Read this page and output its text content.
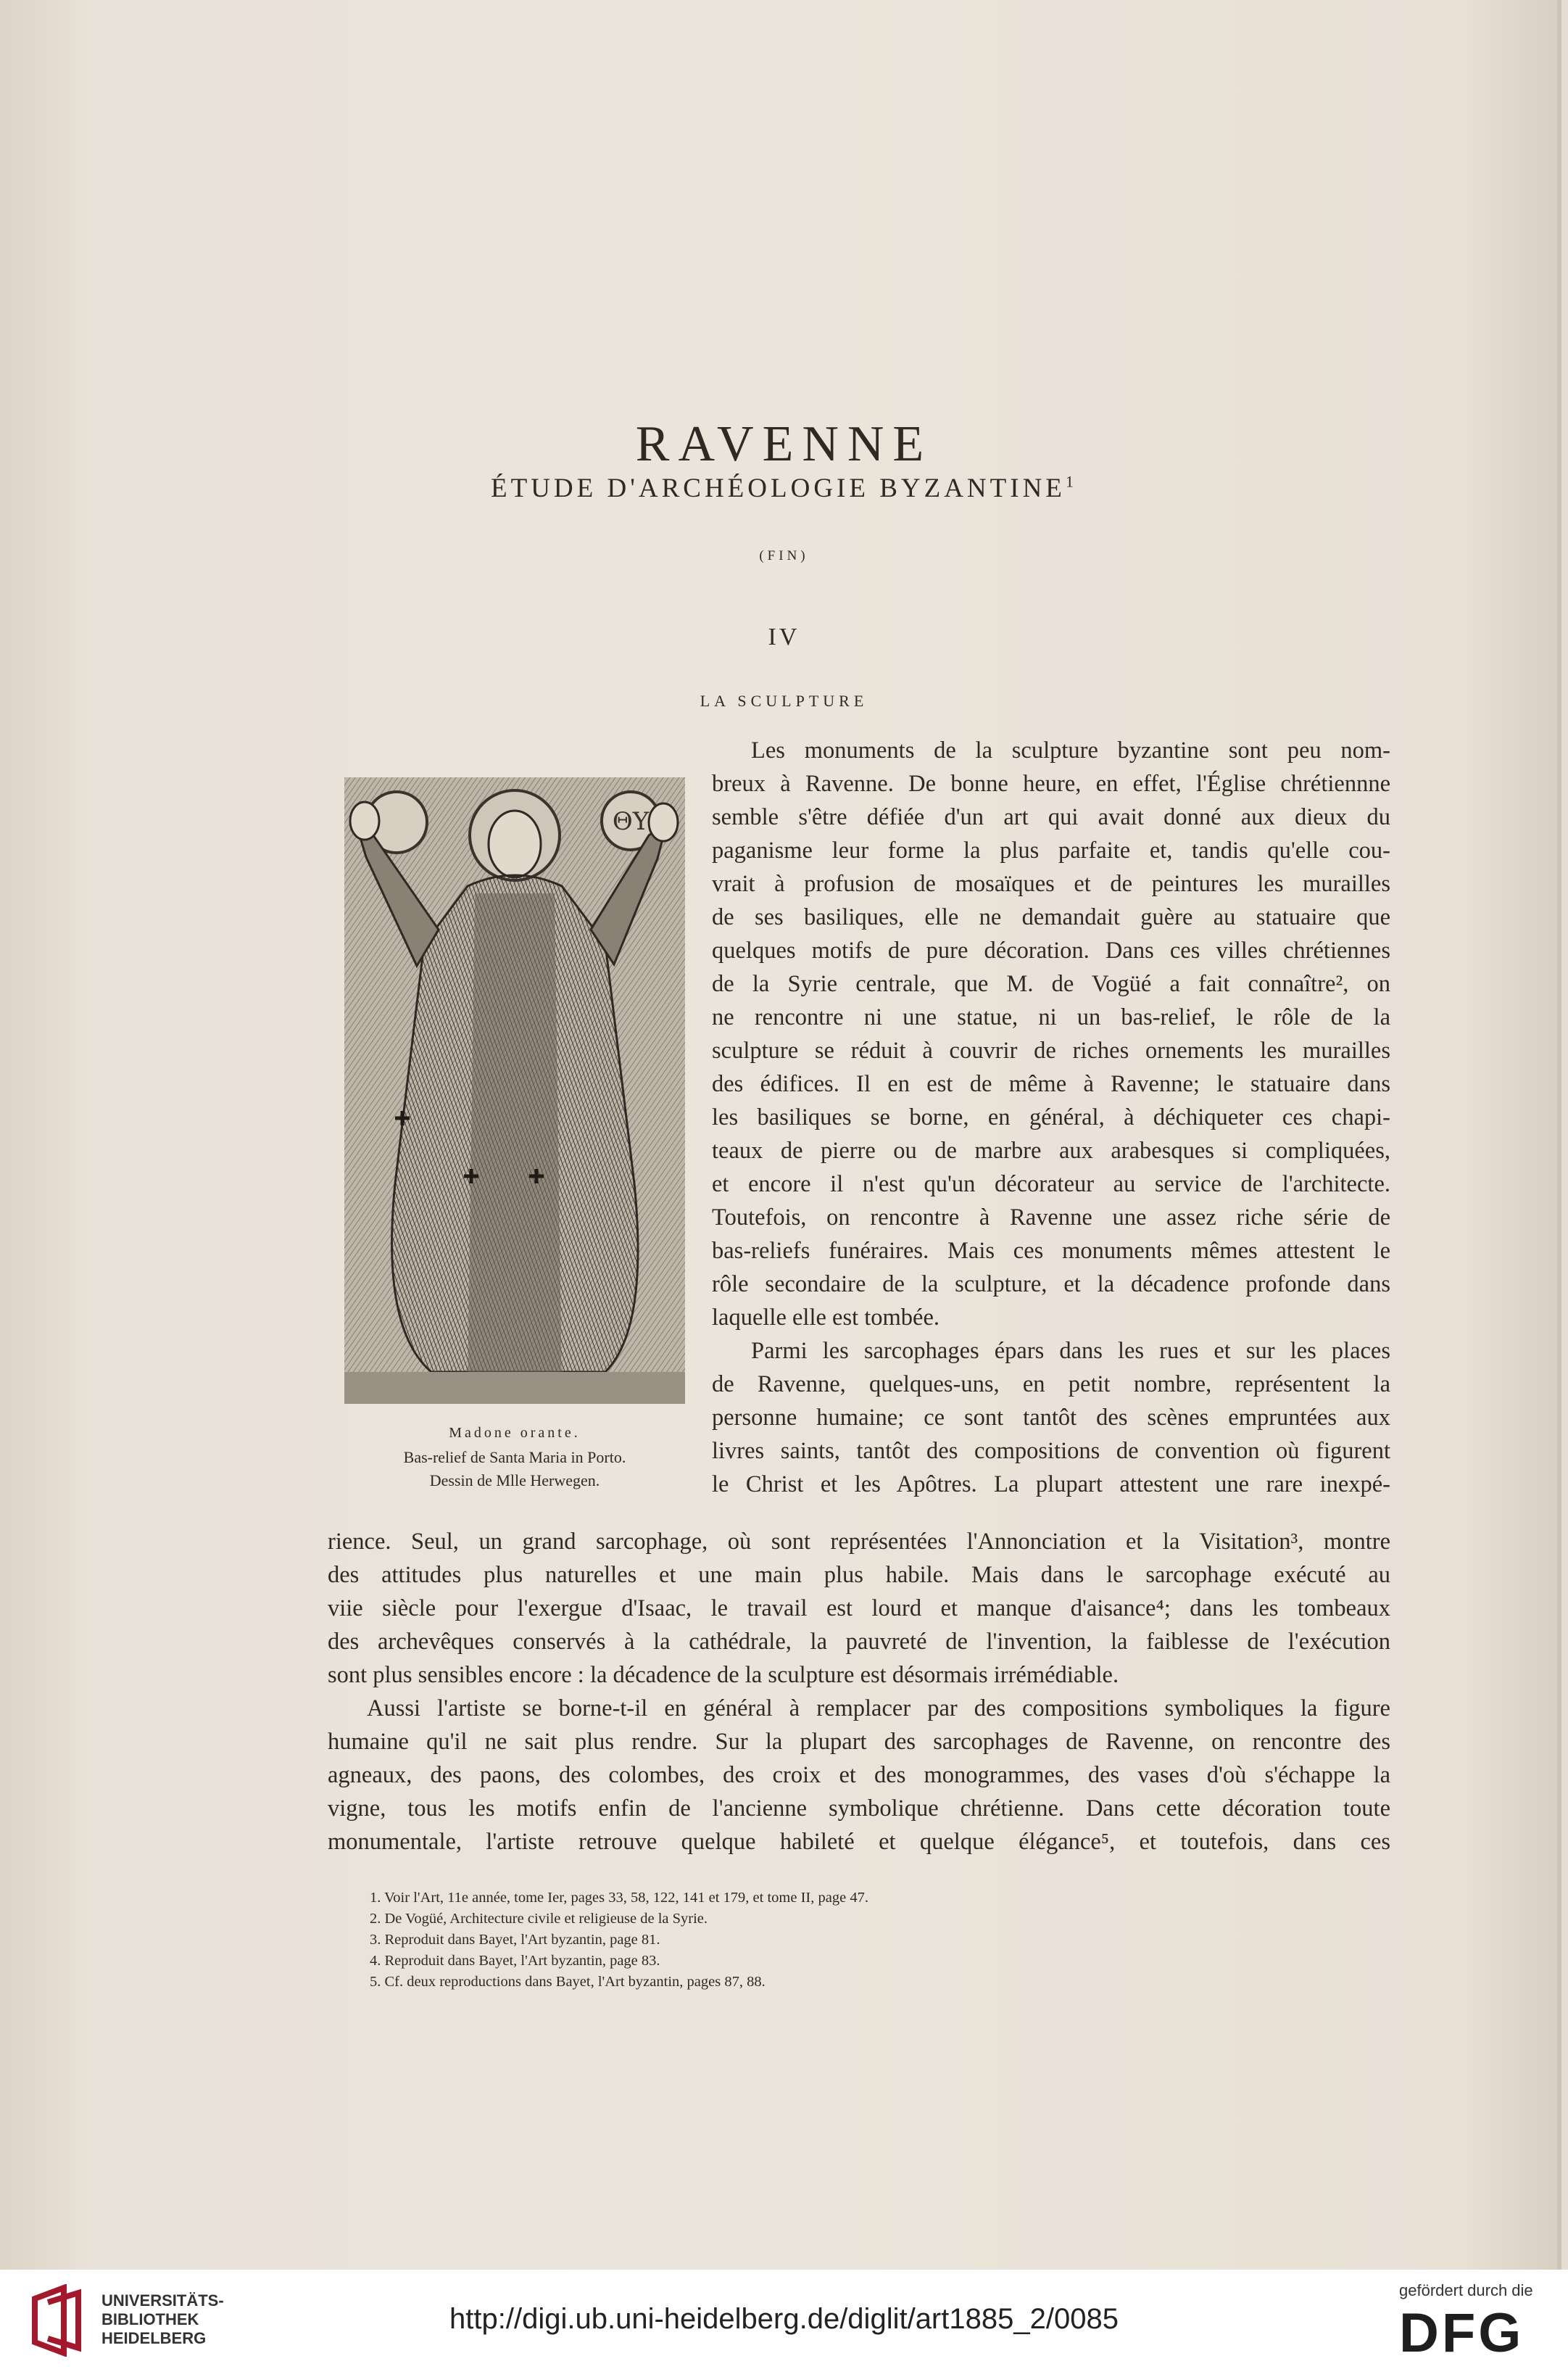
RAVENNE
ÉTUDE D'ARCHÉOLOGIE BYZANTINE$^1$
(FIN)
IV
LA SCULPTURE
ΘΥ
Madone orante.
Bas-relief de Santa Maria in Porto.
Dessin de Mlle Herwegen.
Les monuments de la sculpture byzantine sont peu nom-
breux à Ravenne. De bonne heure, en effet, l'Église chrétiennne
semble s'être défiée d'un art qui avait donné aux dieux du
paganisme leur forme la plus parfaite et, tandis qu'elle cou-
vrait à profusion de mosaïques et de peintures les murailles
de ses basiliques, elle ne demandait guère au statuaire que
quelques motifs de pure décoration. Dans ces villes chrétiennes
de la Syrie centrale, que M. de Vogüé a fait connaître², on
ne rencontre ni une statue, ni un bas-relief, le rôle de la
sculpture se réduit à couvrir de riches ornements les murailles
des édifices. Il en est de même à Ravenne; le statuaire dans
les basiliques se borne, en général, à déchiqueter ces chapi-
teaux de pierre ou de marbre aux arabesques si compliquées,
et encore il n'est qu'un décorateur au service de l'architecte.
Toutefois, on rencontre à Ravenne une assez riche série de
bas-reliefs funéraires. Mais ces monuments mêmes attestent le
rôle secondaire de la sculpture, et la décadence profonde dans
laquelle elle est tombée.
Parmi les sarcophages épars dans les rues et sur les places
de Ravenne, quelques-uns, en petit nombre, représentent la
personne humaine; ce sont tantôt des scènes empruntées aux
livres saints, tantôt des compositions de convention où figurent
le Christ et les Apôtres. La plupart attestent une rare inexpé-
rience. Seul, un grand sarcophage, où sont représentées l'Annonciation et la Visitation³, montre
des attitudes plus naturelles et une main plus habile. Mais dans le sarcophage exécuté au
viie siècle pour l'exergue d'Isaac, le travail est lourd et manque d'aisance⁴; dans les tombeaux
des archevêques conservés à la cathédrale, la pauvreté de l'invention, la faiblesse de l'exécution
sont plus sensibles encore : la décadence de la sculpture est désormais irrémédiable.
Aussi l'artiste se borne-t-il en général à remplacer par des compositions symboliques la figure
humaine qu'il ne sait plus rendre. Sur la plupart des sarcophages de Ravenne, on rencontre des
agneaux, des paons, des colombes, des croix et des monogrammes, des vases d'où s'échappe la
vigne, tous les motifs enfin de l'ancienne symbolique chrétienne. Dans cette décoration toute
monumentale, l'artiste retrouve quelque habileté et quelque élégance⁵, et toutefois, dans ces
1. Voir l'Art, 11e année, tome Ier, pages 33, 58, 122, 141 et 179, et tome II, page 47.
2. De Vogüé, Architecture civile et religieuse de la Syrie.
3. Reproduit dans Bayet, l'Art byzantin, page 81.
4. Reproduit dans Bayet, l'Art byzantin, page 83.
5. Cf. deux reproductions dans Bayet, l'Art byzantin, pages 87, 88.
UNIVERSITÄTS-
BIBLIOTHEK
HEIDELBERG
http://digi.ub.uni-heidelberg.de/diglit/art1885_2/0085
gefördert durch die
DFG
